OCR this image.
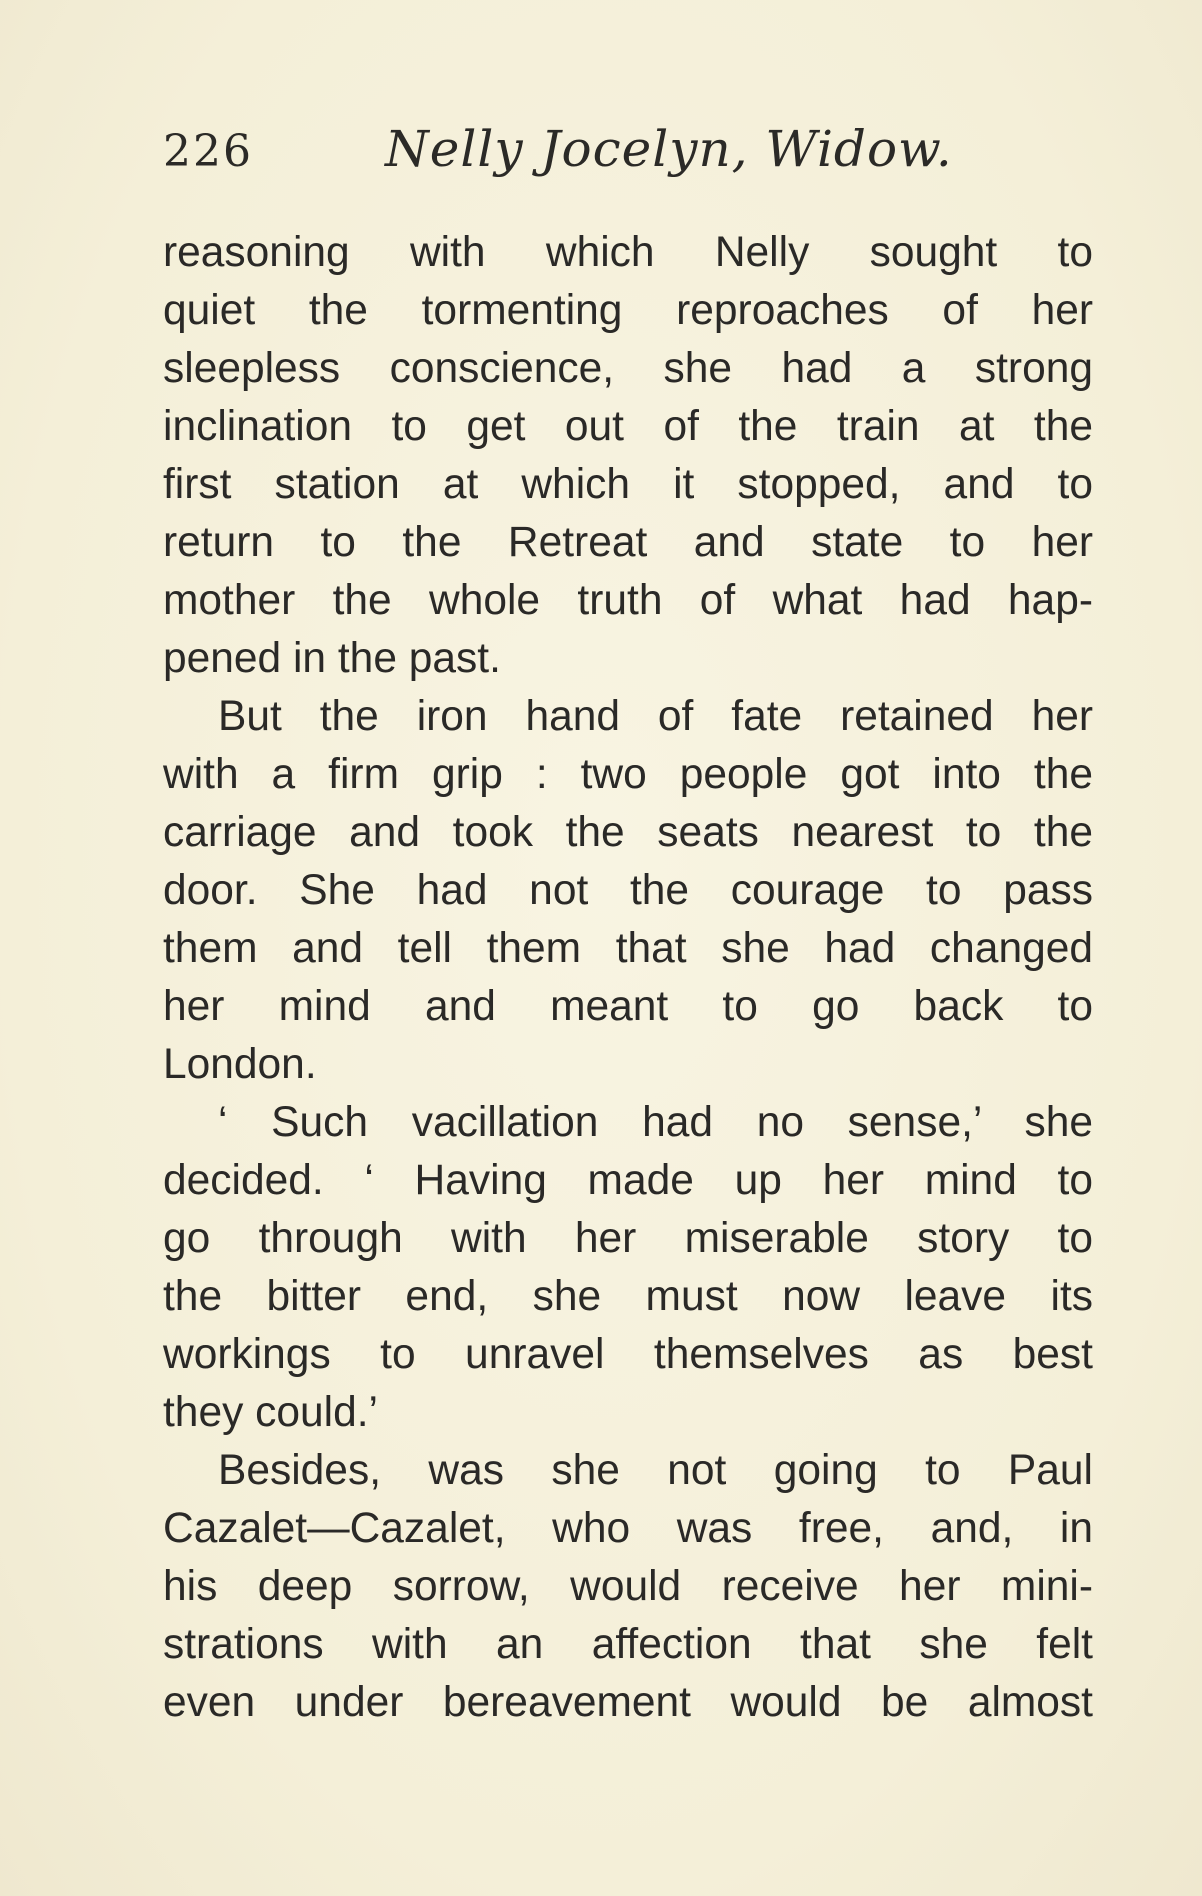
226	Nelly Jocelyn, Widow.
reasoning with which Nelly sought to
quiet the tormenting reproaches of her
sleepless conscience, she had a strong
inclination to get out of the train at the
first station at which it stopped, and to
return to the Retreat and state to her
mother the whole truth of what had hap-
pened in the past.
But the iron hand of fate retained her
with a firm grip : two people got into the
carriage and took the seats nearest to the
door. She had not the courage to pass
them and tell them that she had changed
her mind and meant to go back to
London.
‘ Such vacillation had no sense,’ she
decided. ‘ Having made up her mind to
go through with her miserable story to
the bitter end, she must now leave its
workings to unravel themselves as best
they could.’
Besides, was she not going to Paul
Cazalet—Cazalet, who was free, and, in
his deep sorrow, would receive her mini-
strations with an affection that she felt
even under bereavement would be almost
